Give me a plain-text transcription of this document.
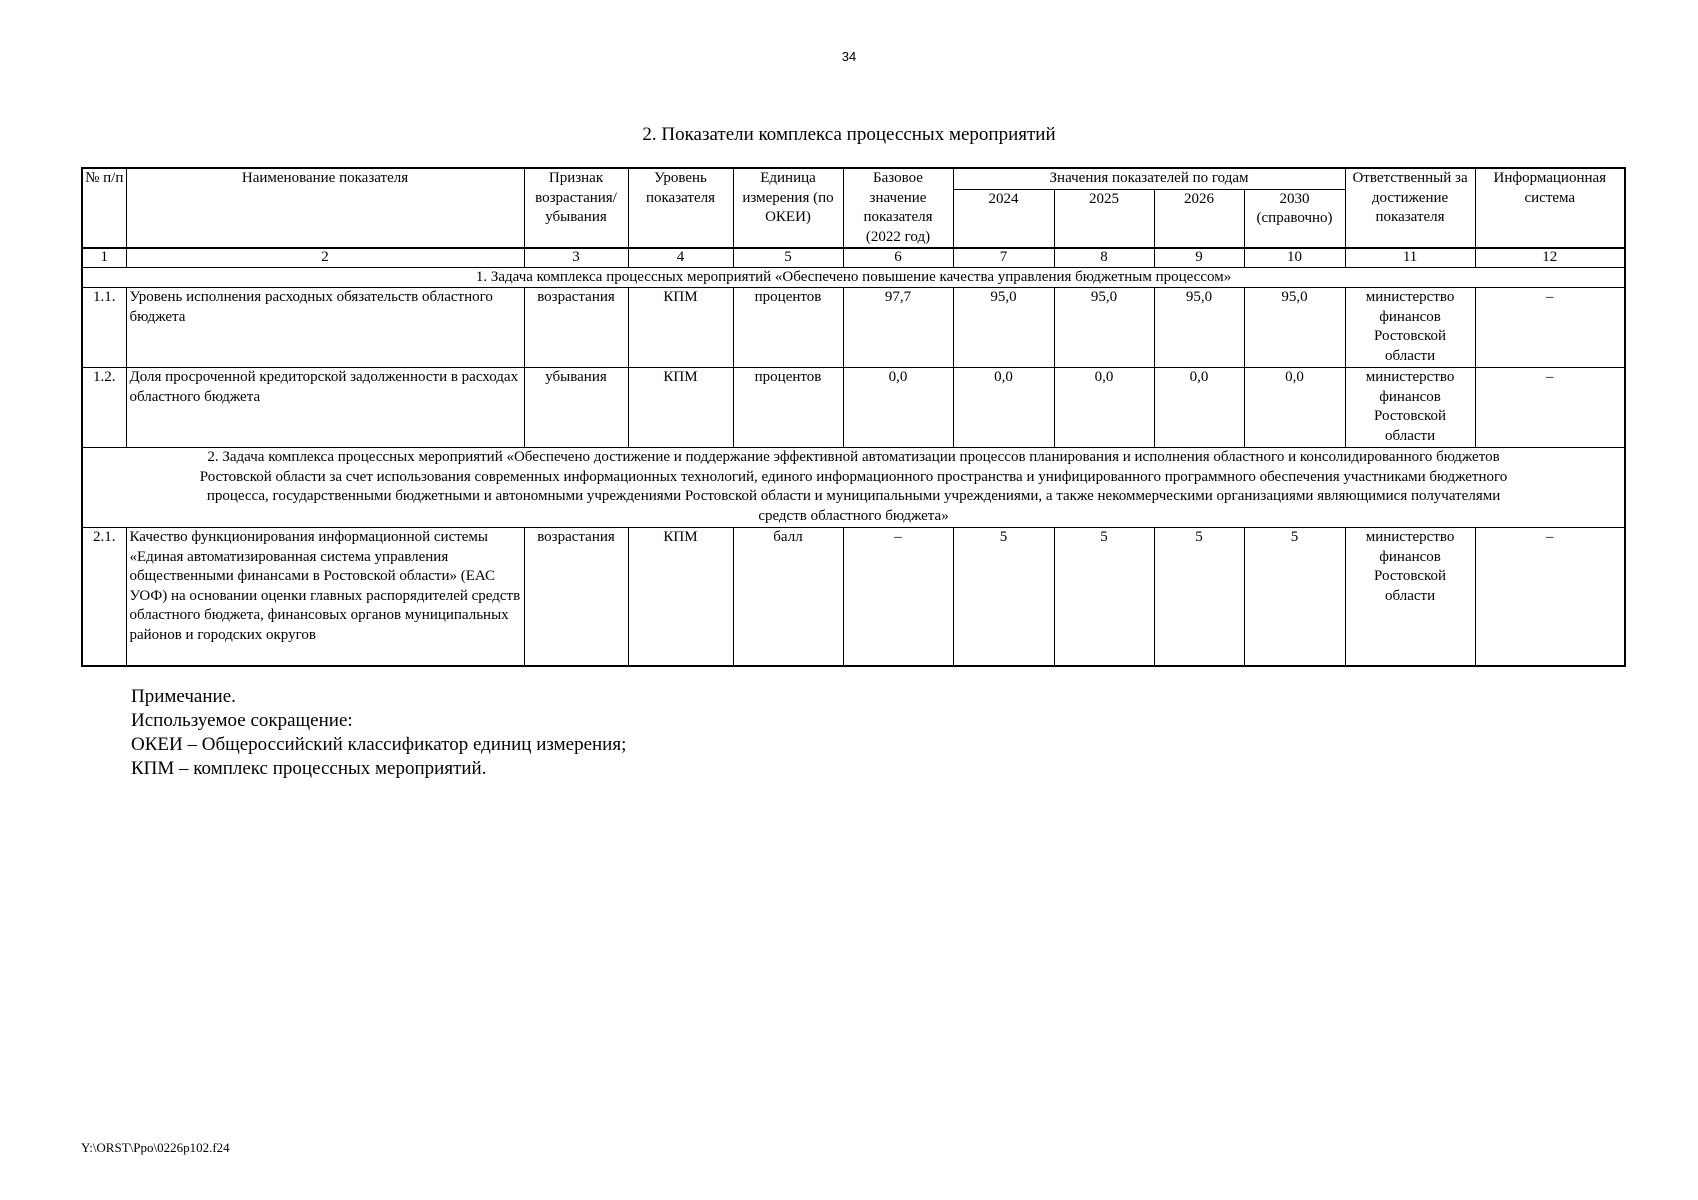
34
2. Показатели комплекса процессных мероприятий
№ п/п	Наименование показателя	Признак возрастания/ убывания	Уровень показателя	Единица измерения (по ОКЕИ)	Базовое значение показателя (2022 год)	Значения показателей по годам				Ответственный за достижение показателя	Информационная система
						2024	2025	2026	2030 (справочно)		
1	2	3	4	5	6	7	8	9	10	11	12
1. Задача комплекса процессных мероприятий «Обеспечено повышение качества управления бюджетным процессом»											
1.1.	Уровень исполнения расходных обязательств областного бюджета	возрастания	КПМ	процентов	97,7	95,0	95,0	95,0	95,0	министерство финансов Ростовской области	–
1.2.	Доля просроченной кредиторской задолженности в расходах областного бюджета	убывания	КПМ	процентов	0,0	0,0	0,0	0,0	0,0	министерство финансов Ростовской области	–
2. Задача комплекса процессных мероприятий «Обеспечено достижение и поддержание эффективной автоматизации процессов планирования и исполнения областного и консолидированного бюджетов Ростовской области за счет использования современных информационных технологий, единого информационного пространства и унифицированного программного обеспечения участниками бюджетного процесса, государственными бюджетными и автономными учреждениями Ростовской области и муниципальными учреждениями, а также некоммерческими организациями являющимися получателями средств областного бюджета»											
2.1.	Качество функционирования информационной системы «Единая автоматизированная система управления общественными финансами в Ростовской области» (ЕАС УОФ) на основании оценки главных распорядителей средств областного бюджета, финансовых органов муниципальных районов и городских округов	возрастания	КПМ	балл	–	5	5	5	5	министерство финансов Ростовской области	–
Примечание.
Используемое сокращение:
ОКЕИ – Общероссийский классификатор единиц измерения;
КПМ – комплекс процессных мероприятий.
Y:\ORST\Ppo\0226p102.f24
